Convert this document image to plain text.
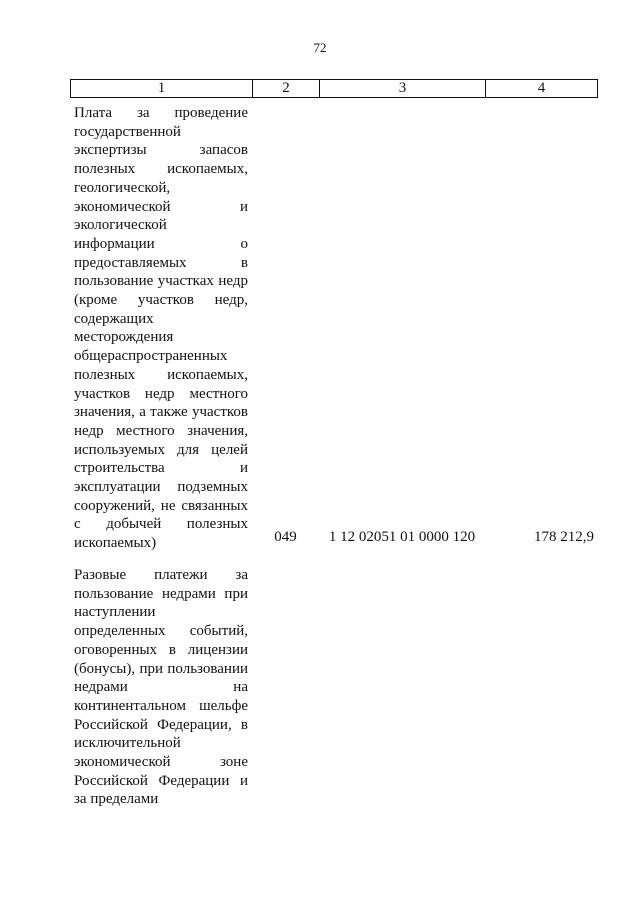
72
1	2	3	4
Плата за проведение государственной экспертизы запасов полезных ископаемых, геологической, экономической и экологической информации о предоставляемых в пользование участках недр (кроме участков недр, содержащих месторождения общераспространенных полезных ископаемых, участков недр местного значения, а также участков недр местного значения, используемых для целей строительства и эксплуатации подземных сооружений, не связанных с добычей полезных ископаемых)	049	1 12 02051 01 0000 120	178 212,9
Разовые платежи за пользование недрами при наступлении определенных событий, оговоренных в лицензии (бонусы), при пользовании недрами на континентальном шельфе Российской Федерации, в исключительной экономической зоне Российской Федерации и за пределами
